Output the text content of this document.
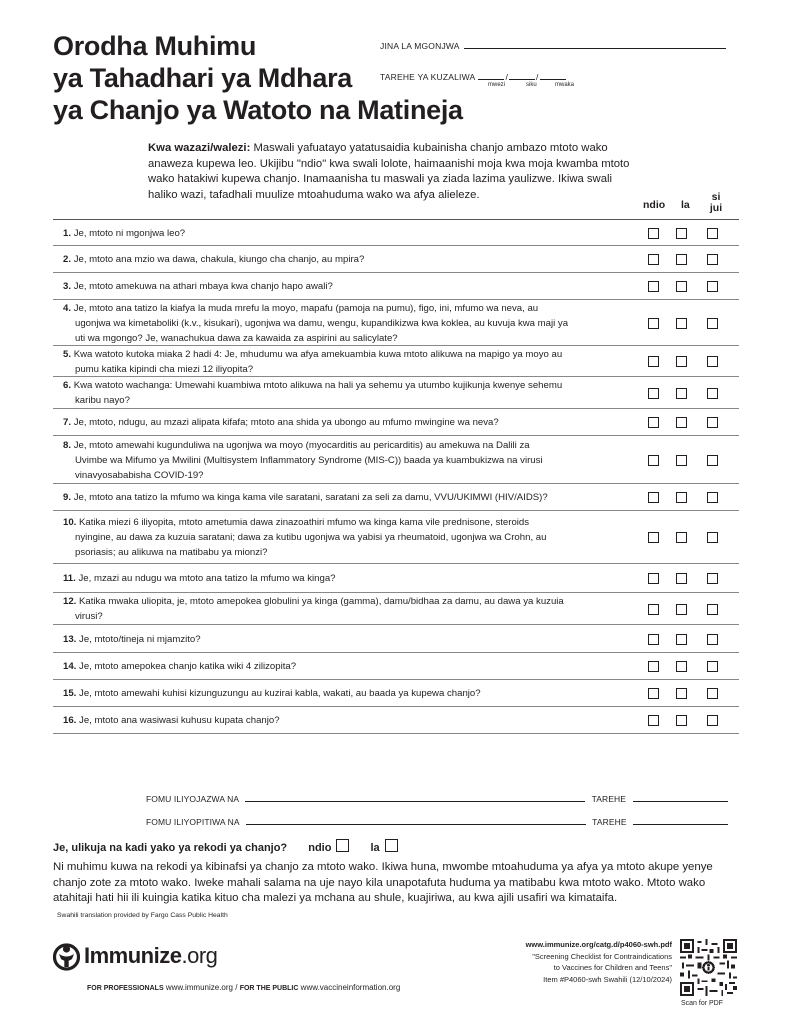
Orodha Muhimu
ya Tahadhari ya Mdhara
ya Chanjo ya Watoto na Matineja
JINA LA MGONJWA
TAREHE YA KUZALIWA	/	/
mwezi	siku	mwaka
Kwa wazazi/walezi: Maswali yafuatayo yatatusaidia kubainisha chanjo ambazo mtoto wako anaweza kupewa leo. Ukijibu "ndio" kwa swali lolote, haimaanishi moja kwa moja kwamba mtoto wako hatakiwi kupewa chanjo. Inamaanisha tu maswali ya ziada lazima yaulizwe. Ikiwa swali haliko wazi, tafadhali muulize mtoahuduma wako wa afya alieleze.
ndio la
si
jui
1. Je, mtoto ni mgonjwa leo?
2. Je, mtoto ana mzio wa dawa, chakula, kiungo cha chanjo, au mpira?
3. Je, mtoto amekuwa na athari mbaya kwa chanjo hapo awali?
4. Je, mtoto ana tatizo la kiafya la muda mrefu la moyo, mapafu (pamoja na pumu), figo, ini, mfumo wa neva, au
ugonjwa wa kimetaboliki (k.v., kisukari), ugonjwa wa damu, wengu, kupandikizwa kwa koklea, au kuvuja kwa maji ya
uti wa mgongo? Je, wanachukua dawa za kawaida za aspirini au salicylate?
5. Kwa watoto kutoka miaka 2 hadi 4: Je, mhudumu wa afya amekuambia kuwa mtoto alikuwa na mapigo ya moyo au
pumu katika kipindi cha miezi 12 iliyopita?
6. Kwa watoto wachanga: Umewahi kuambiwa mtoto alikuwa na hali ya sehemu ya utumbo kujikunja kwenye sehemu
karibu nayo?
7. Je, mtoto, ndugu, au mzazi alipata kifafa; mtoto ana shida ya ubongo au mfumo mwingine wa neva?
8. Je, mtoto amewahi kugunduliwa na ugonjwa wa moyo (myocarditis au pericarditis) au amekuwa na Dalili za
Uvimbe wa Mifumo ya Mwilini (Multisystem Inflammatory Syndrome (MIS-C)) baada ya kuambukizwa na virusi
vinavyosababisha COVID-19?
9. Je, mtoto ana tatizo la mfumo wa kinga kama vile saratani, saratani za seli za damu, VVU/UKIMWI (HIV/AIDS)?
10. Katika miezi 6 iliyopita, mtoto ametumia dawa zinazoathiri mfumo wa kinga kama vile prednisone, steroids
nyingine, au dawa za kuzuia saratani; dawa za kutibu ugonjwa wa yabisi ya rheumatoid, ugonjwa wa Crohn, au
psoriasis; au alikuwa na matibabu ya mionzi?
11. Je, mzazi au ndugu wa mtoto ana tatizo la mfumo wa kinga?
12. Katika mwaka uliopita, je, mtoto amepokea globulini ya kinga (gamma), damu/bidhaa za damu, au dawa ya kuzuia
virusi?
13. Je, mtoto/tineja ni mjamzito?
14. Je, mtoto amepokea chanjo katika wiki 4 zilizopita?
15. Je, mtoto amewahi kuhisi kizunguzungu au kuzirai kabla, wakati, au baada ya kupewa chanjo?
16. Je, mtoto ana wasiwasi kuhusu kupata chanjo?
FOMU ILIYOJAZWA NA	TAREHE
FOMU ILIYOPITIWA NA	TAREHE
Je, ulikuja na kadi yako ya rekodi ya chanjo? ndio	la
Ni muhimu kuwa na rekodi ya kibinafsi ya chanjo za mtoto wako. Ikiwa huna, mwombe mtoahuduma ya afya ya mtoto akupe yenye chanjo zote za mtoto wako. Iweke mahali salama na uje nayo kila unapotafuta huduma ya matibabu kwa mtoto wako. Mtoto wako atahitaji hati hii ili kuingia katika kituo cha malezi ya mchana au shule, kuajiriwa, au kwa ajili usafiri wa kimataifa.
Swahili translation provided by Fargo Cass Public Health
Immunize.org
FOR PROFESSIONALS www.immunize.org / FOR THE PUBLIC www.vaccineinformation.org
www.immunize.org/catg.d/p4060-swh.pdf
"Screening Checklist for Contraindications
to Vaccines for Children and Teens"
Item #P4060-swh Swahili (12/10/2024)
Scan for PDF
